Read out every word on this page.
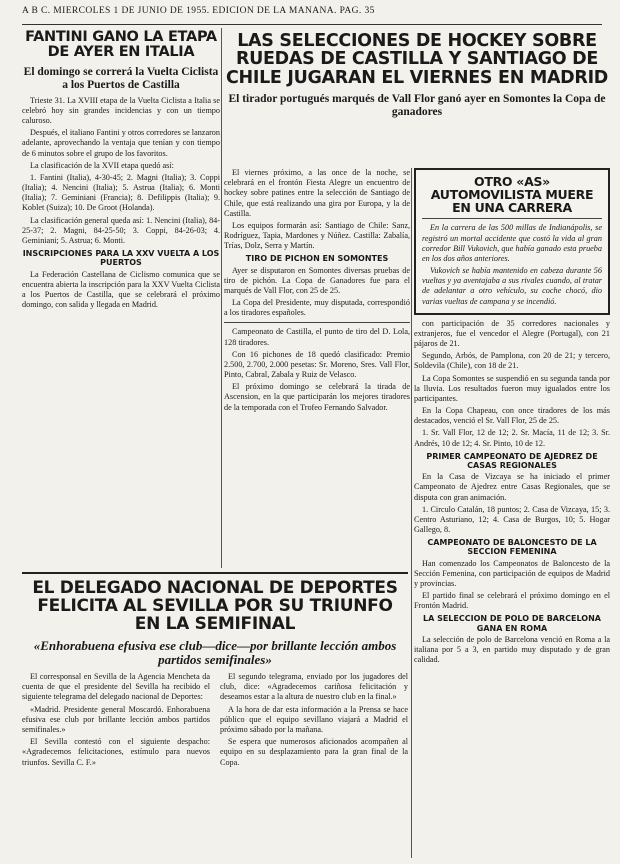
A B C. MIERCOLES 1 DE JUNIO DE 1955. EDICION DE LA MAÑANA. PAG. 35
FANTINI GANO LA ETAPA DE AYER EN ITALIA
El domingo se correrá la Vuelta Ciclista a los Puertos de Castilla

Trieste 31. La XVIII etapa de la Vuelta Ciclista a Italia se celebró hoy sin grandes incidencias y con un tiempo caluroso.

Después, el italiano Fantini y otros corredores se lanzaron adelante, aprovechando la ventaja que tenían y con tiempo de 6 minutos sobre el grupo de los favoritos.

La clasificación de la XVII etapa quedó así:

1. Fantini (Italia), 4-30-45; 2. Magni (Italia); 3. Coppi (Italia); 4. Nencini (Italia); 5. Astrua (Italia); 6. Monti (Italia); 7. Geminiani (Francia); 8. Defilippis (Italia); 9. Koblet (Suiza); 10. De Groot (Holanda).

La clasificación general queda así: 1. Nencini (Italia), 84-25-37; 2. Magni, 84-25-50; 3. Coppi, 84-26-03; 4. Geminiani; 5. Astrua; 6. Monti.

INSCRIPCIONES PARA LA XXV VUELTA A LOS PUERTOS

La Federación Castellana de Ciclismo comunica que se encuentra abierta la inscripción para la XXV Vuelta Ciclista a los Puertos de Castilla, que se celebrará el próximo domingo, con salida y llegada en Madrid.

LAS SELECCIONES DE HOCKEY SOBRE RUEDAS DE CASTILLA Y SANTIAGO DE CHILE JUGARAN EL VIERNES EN MADRID
El tirador portugués marqués de Vall Flor ganó ayer en Somontes la Copa de ganadores

El viernes próximo, a las once de la noche, se celebrará en el frontón Fiesta Alegre un encuentro de hockey sobre patines entre la selección de Santiago de Chile, que está realizando una gira por Europa, y la de Castilla.

Los equipos formarán así: Santiago de Chile: Sanz, Rodríguez, Tapia, Mardones y Núñez. Castilla: Zabalía, Trías, Dolz, Serra y Martín.

TIRO DE PICHON EN SOMONTES

Ayer se disputaron en Somontes diversas pruebas de tiro de pichón. La Copa de Ganadores fue para el marqués de Vall Flor, con 25 de 25.

La Copa del Presidente, muy disputada, correspondió a los tiradores españoles.

Campeonato de Castilla, el punto de tiro del D. Lola, 128 tiradores.

Con 16 pichones de 18 quedó clasificado: Premio 2.500, 2.700, 2.000 pesetas: Sr. Moreno, Sres. Vall Flor, Pinto, Cabral, Zabala y Ruiz de Velasco.

El próximo domingo se celebrará la tirada de Ascension, en la que participarán los mejores tiradores de la temporada con el Trofeo Fernando Salvador.

OTRO «AS» AUTOMOVILISTA MUERE EN UNA CARRERA

En la carrera de las 500 millas de Indianápolis, se registró un mortal accidente que costó la vida al gran corredor Bill Vukovich, que había ganado esta prueba en los dos años anteriores.

Vukovich se había mantenido en cabeza durante 56 vueltas y ya aventajaba a sus rivales cuando, al tratar de adelantar a otro vehículo, su coche chocó, dio varias vueltas de campana y se incendió.

con participación de 35 corredores nacionales y extranjeros, fue el vencedor el Alegre (Portugal), con 21 pájaros de 21.

Segundo, Arbós, de Pamplona, con 20 de 21; y tercero, Soldevila (Chile), con 18 de 21.

La Copa Somontes se suspendió en su segunda tanda por la lluvia. Los resultados fueron muy igualados entre los participantes.

En la Copa Chapeau, con once tiradores de los más destacados, venció el Sr. Vall Flor, 25 de 25.

1. Sr. Vall Flor, 12 de 12; 2. Sr. Macía, 11 de 12; 3. Sr. Andrés, 10 de 12; 4. Sr. Pinto, 10 de 12.

PRIMER CAMPEONATO DE AJEDREZ DE CASAS REGIONALES

En la Casa de Vizcaya se ha iniciado el primer Campeonato de Ajedrez entre Casas Regionales, que se disputa con gran animación.

1. Circulo Catalán, 18 puntos; 2. Casa de Vizcaya, 15; 3. Centro Asturiano, 12; 4. Casa de Burgos, 10; 5. Hogar Gallego, 8.

CAMPEONATO DE BALONCESTO DE LA SECCION FEMENINA

Han comenzado los Campeonatos de Baloncesto de la Sección Femenina, con participación de equipos de Madrid y provincias.

El partido final se celebrará el próximo domingo en el Frontón Madrid.

LA SELECCION DE POLO DE BARCELONA GANA EN ROMA

La selección de polo de Barcelona venció en Roma a la italiana por 5 a 3, en partido muy disputado y de gran calidad.

EL DELEGADO NACIONAL DE DEPORTES FELICITA AL SEVILLA POR SU TRIUNFO EN LA SEMIFINAL
«Enhorabuena efusiva ese club—dice—por brillante lección ambos partidos semifinales»

El corresponsal en Sevilla de la Agencia Mencheta da cuenta de que el presidente del Sevilla ha recibido el siguiente telegrama del delegado nacional de Deportes:

«Madrid. Presidente general Moscardó. Enhorabuena efusiva ese club por brillante lección ambos partidos semifinales.»

El Sevilla contestó con el siguiente despacho: «Agradecemos felicitaciones, estímulo para nuevos triunfos. Sevilla C. F.»

El segundo telegrama, enviado por los jugadores del club, dice: «Agradecemos cariñosa felicitación y deseamos estar a la altura de nuestro club en la final.»

A la hora de dar esta información a la Prensa se hace público que el equipo sevillano viajará a Madrid el próximo sábado por la mañana.

Se espera que numerosos aficionados acompañen al equipo en su desplazamiento para la gran final de la Copa.
